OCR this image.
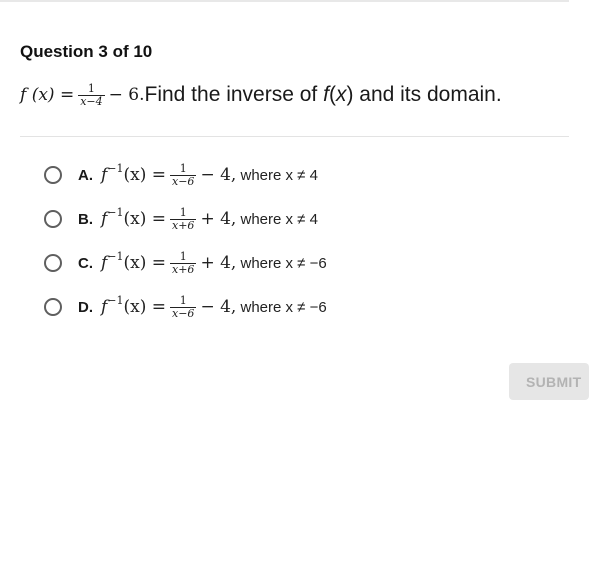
Question 3 of 10
f $(x) = \frac{1}{x-4} - 6$. Find the inverse of f ( x ) and its domain.
A. f −1 $(x) = \frac{1}{x-6} - 4$, where x ≠ 4
B. f −1 $(x) = \frac{1}{x+6} + 4$, where x ≠ 4
C. f −1 $(x) = \frac{1}{x+6} + 4$, where x ≠ −6
D. f −1 $(x) = \frac{1}{x-6} - 4$, where x ≠ −6
SUBMIT
